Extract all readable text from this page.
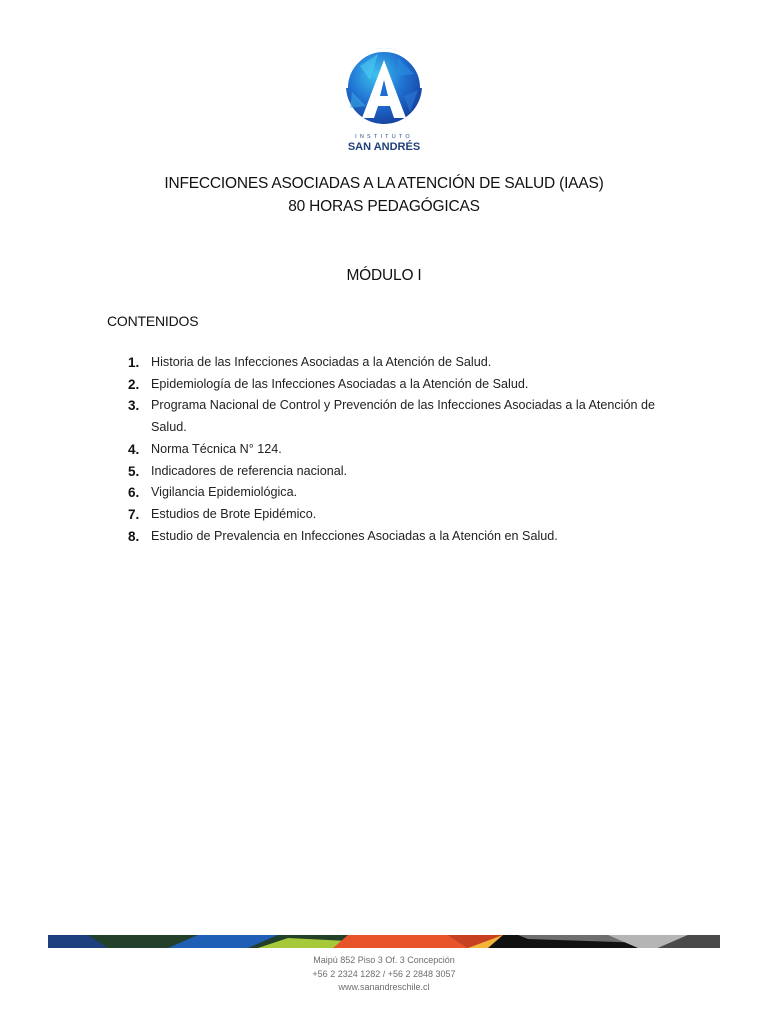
INSTITUTO
SAN ANDRÉS
INFECCIONES ASOCIADAS A LA ATENCIÓN DE SALUD (IAAS)
80 HORAS PEDAGÓGICAS
MÓDULO I
CONTENIDOS
1. Historia de las Infecciones Asociadas a la Atención de Salud.
2. Epidemiología de las Infecciones Asociadas a la Atención de Salud.
3. Programa Nacional de Control y Prevención de las Infecciones Asociadas a la Atención de Salud.
4. Norma Técnica N° 124.
5. Indicadores de referencia nacional.
6. Vigilancia Epidemiológica.
7. Estudios de Brote Epidémico.
8. Estudio de Prevalencia en Infecciones Asociadas a la Atención en Salud.
Maipú 852 Piso 3 Of. 3 Concepción
+56 2 2324 1282 / +56 2 2848 3057
www.sanandreschile.cl
